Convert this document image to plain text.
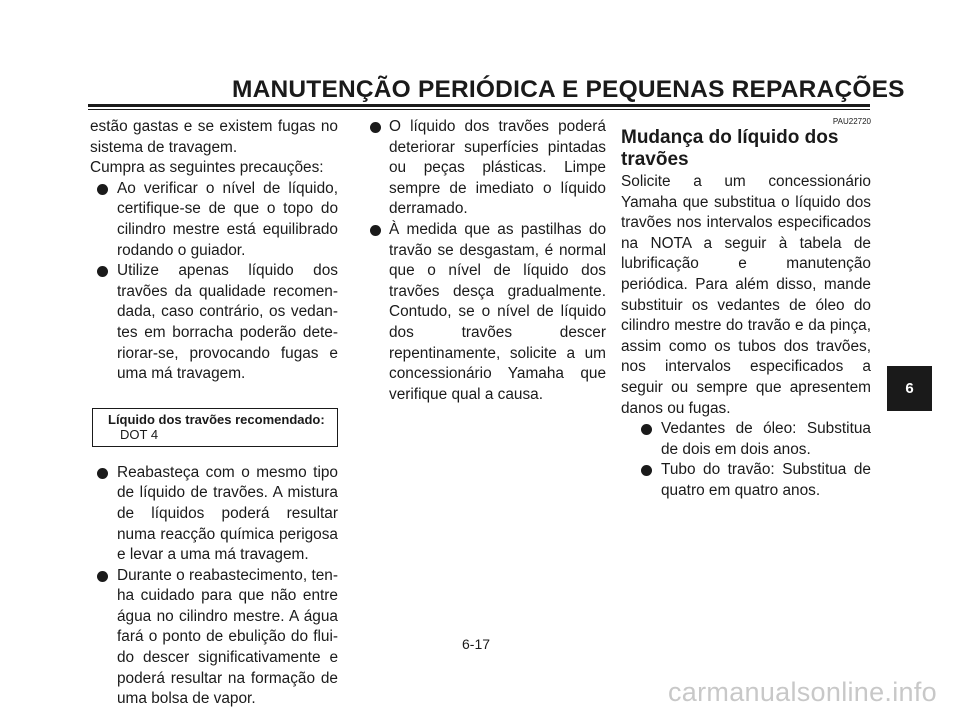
MANUTENÇÃO PERIÓDICA E PEQUENAS REPARAÇÕES

estão gastas e se existem fugas no sistema de travagem.

Cumpra as seguintes precauções:

Ao verificar o nível de líquido, certifique-se de que o topo do cilindro mestre está equilibrado rodando o guiador.
Utilize apenas líquido dos travões da qualidade recomen-dada, caso contrário, os vedan-tes em borracha poderão dete-riorar-se, provocando fugas e uma má travagem.
Líquido dos travões recomendado:
DOT 4
Reabasteça com o mesmo tipo de líquido de travões. A mistura de líquidos poderá resultar numa reacção química perigosa e levar a uma má travagem.
Durante o reabastecimento, ten-ha cuidado para que não entre água no cilindro mestre. A água fará o ponto de ebulição do flui-do descer significativamente e poderá resultar na formação de uma bolsa de vapor.
O líquido dos travões poderá deteriorar superfícies pintadas ou peças plásticas. Limpe sempre de imediato o líquido derramado.
À medida que as pastilhas do travão se desgastam, é normal que o nível de líquido dos travões desça gradualmente. Contudo, se o nível de líquido dos travões descer repentinamente, solicite a um concessionário Yamaha que verifique qual a causa.
PAU22720
Mudança do líquido dos travões

Solicite a um concessionário Yamaha que substitua o líquido dos travões nos intervalos especificados na NOTA a seguir à tabela de lubrificação e manutenção periódica. Para além disso, mande substituir os vedantes de óleo do cilindro mestre do travão e da pinça, assim como os tubos dos travões, nos intervalos especificados a seguir ou sempre que apresentem danos ou fugas.

Vedantes de óleo: Substitua de dois em dois anos.
Tubo do travão: Substitua de quatro em quatro anos.
6
6-17
carmanualsonline.info
